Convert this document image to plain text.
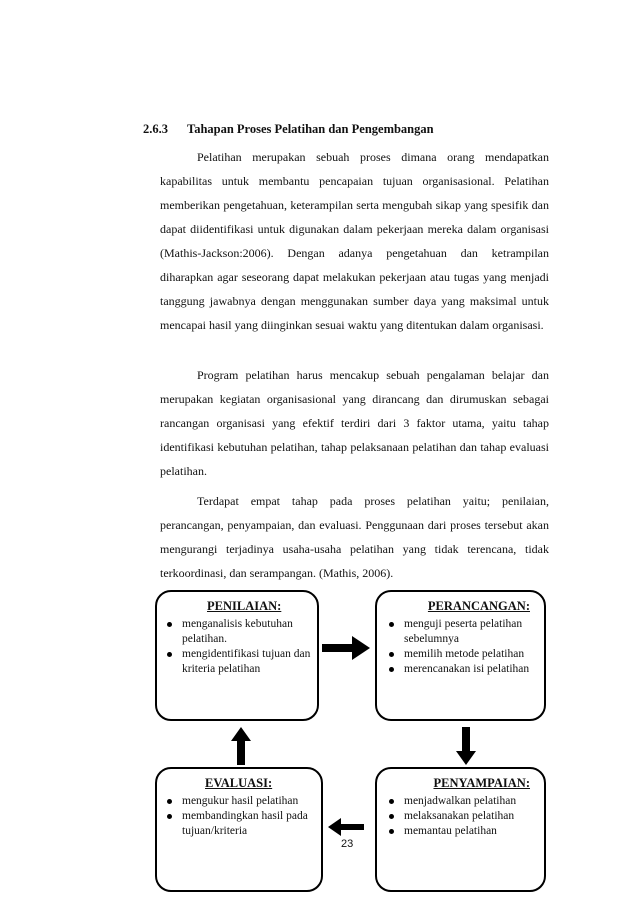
2.6.3 Tahapan Proses Pelatihan dan Pengembangan

Pelatihan merupakan sebuah proses dimana orang mendapatkan kapabilitas untuk membantu pencapaian tujuan organisasional. Pelatihan memberikan pengetahuan, keterampilan serta mengubah sikap yang spesifik dan dapat diidentifikasi untuk digunakan dalam pekerjaan mereka dalam organisasi (Mathis-Jackson:2006). Dengan adanya pengetahuan dan ketrampilan diharapkan agar seseorang dapat melakukan pekerjaan atau tugas yang menjadi tanggung jawabnya dengan menggunakan sumber daya yang maksimal untuk mencapai hasil yang diinginkan sesuai waktu yang ditentukan dalam organisasi.

Program pelatihan harus mencakup sebuah pengalaman belajar dan merupakan kegiatan organisasional yang dirancang dan dirumuskan sebagai rancangan organisasi yang efektif terdiri dari 3 faktor utama, yaitu tahap identifikasi kebutuhan pelatihan, tahap pelaksanaan pelatihan dan tahap evaluasi pelatihan.

Terdapat empat tahap pada proses pelatihan yaitu; penilaian, perancangan, penyampaian, dan evaluasi. Penggunaan dari proses tersebut akan mengurangi terjadinya usaha-usaha pelatihan yang tidak terencana, tidak terkoordinasi, dan serampangan. (Mathis, 2006).

PENILAIAN:
menganalisis kebutuhan pelatihan.
mengidentifikasi tujuan dan kriteria pelatihan
PERANCANGAN:
menguji peserta pelatihan sebelumnya
memilih metode pelatihan
merencanakan isi pelatihan
EVALUASI:
mengukur hasil pelatihan
membandingkan hasil pada tujuan/kriteria
PENYAMPAIAN:
menjadwalkan pelatihan
melaksanakan pelatihan
memantau pelatihan
23
